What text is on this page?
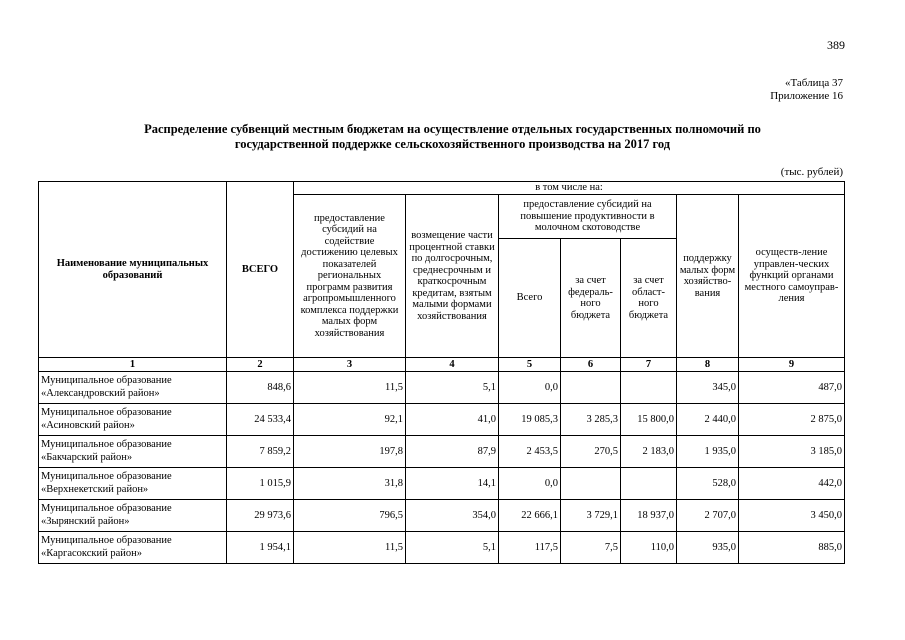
389
«Таблица 37
Приложение 16
Распределение субвенций местным бюджетам на осуществление отдельных государственных полномочий по
государственной поддержке сельскохозяйственного производства на 2017 год
(тыс. рублей)
Наименование муниципальных образований	ВСЕГО	в том числе на:						
		предоставление субсидий на содействие достижению целевых показателей региональных программ развития агропромышленного комплекса поддержки малых форм хозяйствования	возмещение части процентной ставки по долгосрочным, среднесрочным и краткосрочным кредитам, взятым малыми формами хозяйствования	предоставление субсидий на повышение продуктивности в молочном скотоводстве			поддержку малых форм хозяйство-вания	осуществ-ление управлен-ческих функций органами местного самоуправ-ления
				Всего	за счет федераль-ного бюджета	за счет област-ного бюджета		
1	2	3	4	5	6	7	8	9

Муниципальное образование
«Александровский район»	848,6	11,5	5,1	0,0			345,0	487,0

Муниципальное образование
«Асиновский район»	24 533,4	92,1	41,0	19 085,3	3 285,3	15 800,0	2 440,0	2 875,0

Муниципальное образование
«Бакчарский район»	7 859,2	197,8	87,9	2 453,5	270,5	2 183,0	1 935,0	3 185,0

Муниципальное образование
«Верхнекетский район»	1 015,9	31,8	14,1	0,0			528,0	442,0

Муниципальное образование
«Зырянский район»	29 973,6	796,5	354,0	22 666,1	3 729,1	18 937,0	2 707,0	3 450,0

Муниципальное образование
«Каргасокский район»	1 954,1	11,5	5,1	117,5	7,5	110,0	935,0	885,0
